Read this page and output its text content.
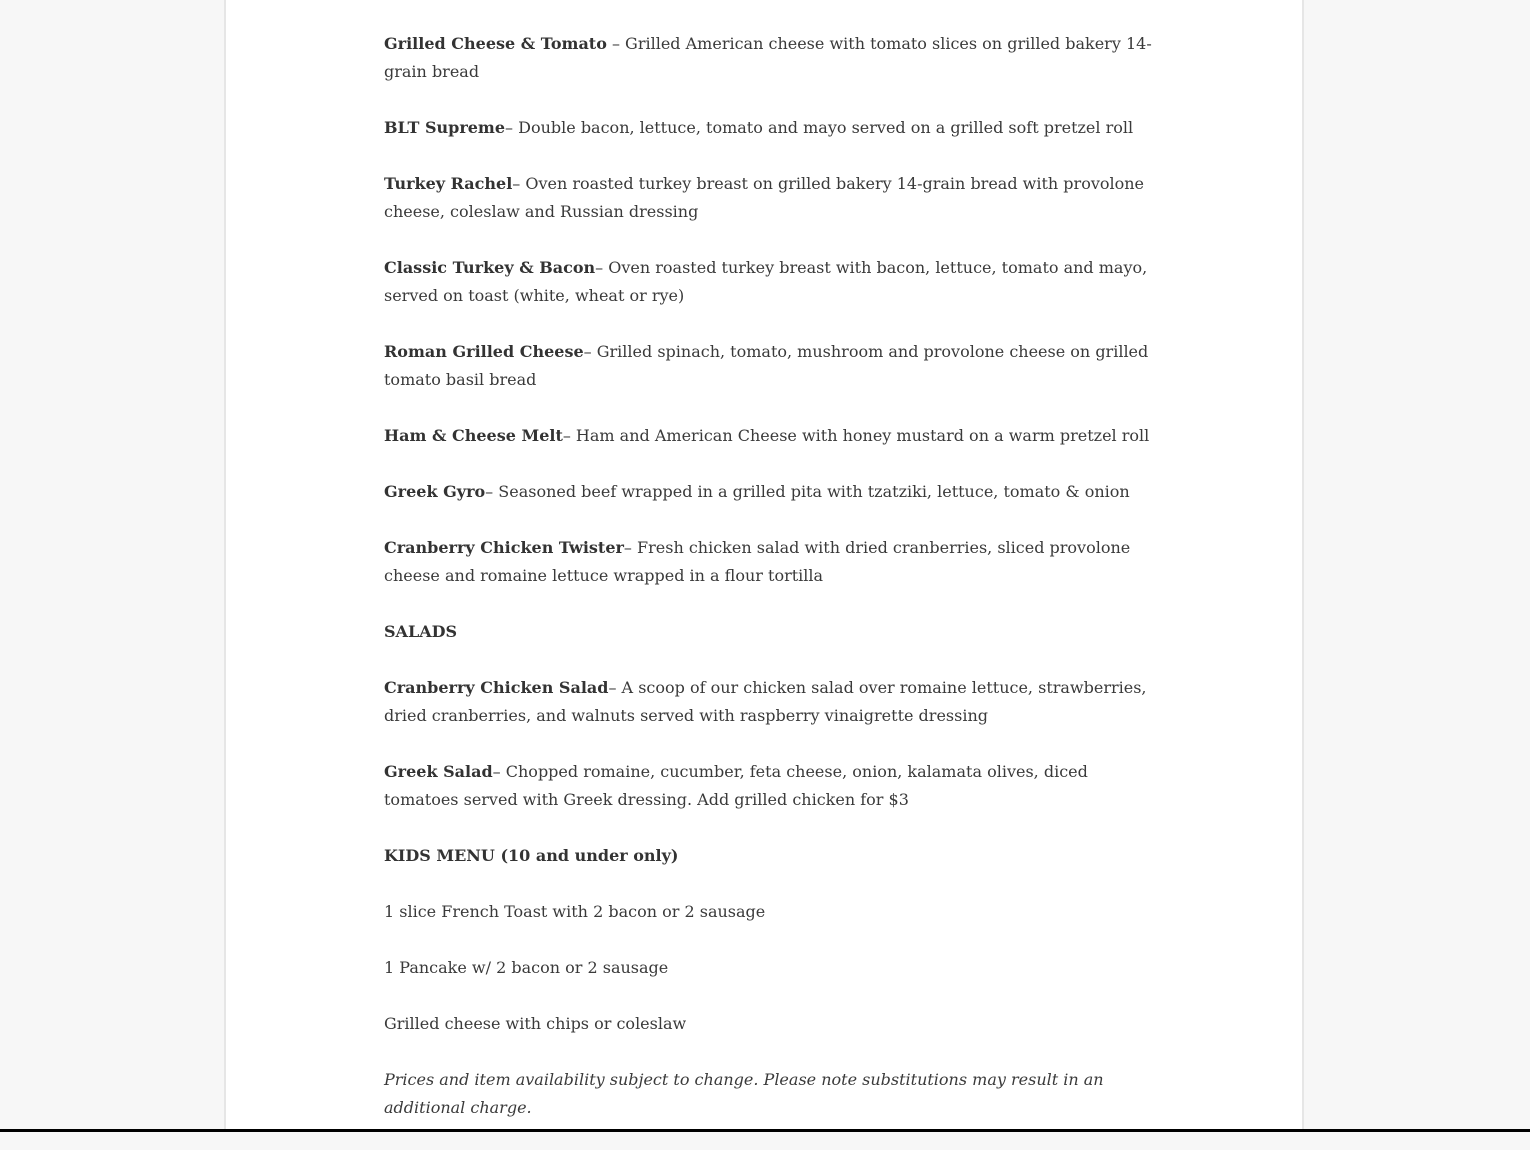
Grilled Cheese & Tomato – Grilled American cheese with tomato slices on grilled bakery 14-grain bread

BLT Supreme– Double bacon, lettuce, tomato and mayo served on a grilled soft pretzel roll

Turkey Rachel– Oven roasted turkey breast on grilled bakery 14-grain bread with provolone cheese, coleslaw and Russian dressing

Classic Turkey & Bacon– Oven roasted turkey breast with bacon, lettuce, tomato and mayo, served on toast (white, wheat or rye)

Roman Grilled Cheese– Grilled spinach, tomato, mushroom and provolone cheese on grilled tomato basil bread

Ham & Cheese Melt– Ham and American Cheese with honey mustard on a warm pretzel roll

Greek Gyro– Seasoned beef wrapped in a grilled pita with tzatziki, lettuce, tomato & onion

Cranberry Chicken Twister– Fresh chicken salad with dried cranberries, sliced provolone cheese and romaine lettuce wrapped in a flour tortilla

SALADS

Cranberry Chicken Salad– A scoop of our chicken salad over romaine lettuce, strawberries, dried cranberries, and walnuts served with raspberry vinaigrette dressing

Greek Salad– Chopped romaine, cucumber, feta cheese, onion, kalamata olives, diced tomatoes served with Greek dressing. Add grilled chicken for $3

KIDS MENU (10 and under only)

1 slice French Toast with 2 bacon or 2 sausage

1 Pancake w/ 2 bacon or 2 sausage

Grilled cheese with chips or coleslaw

Prices and item availability subject to change. Please note substitutions may result in an additional charge.
